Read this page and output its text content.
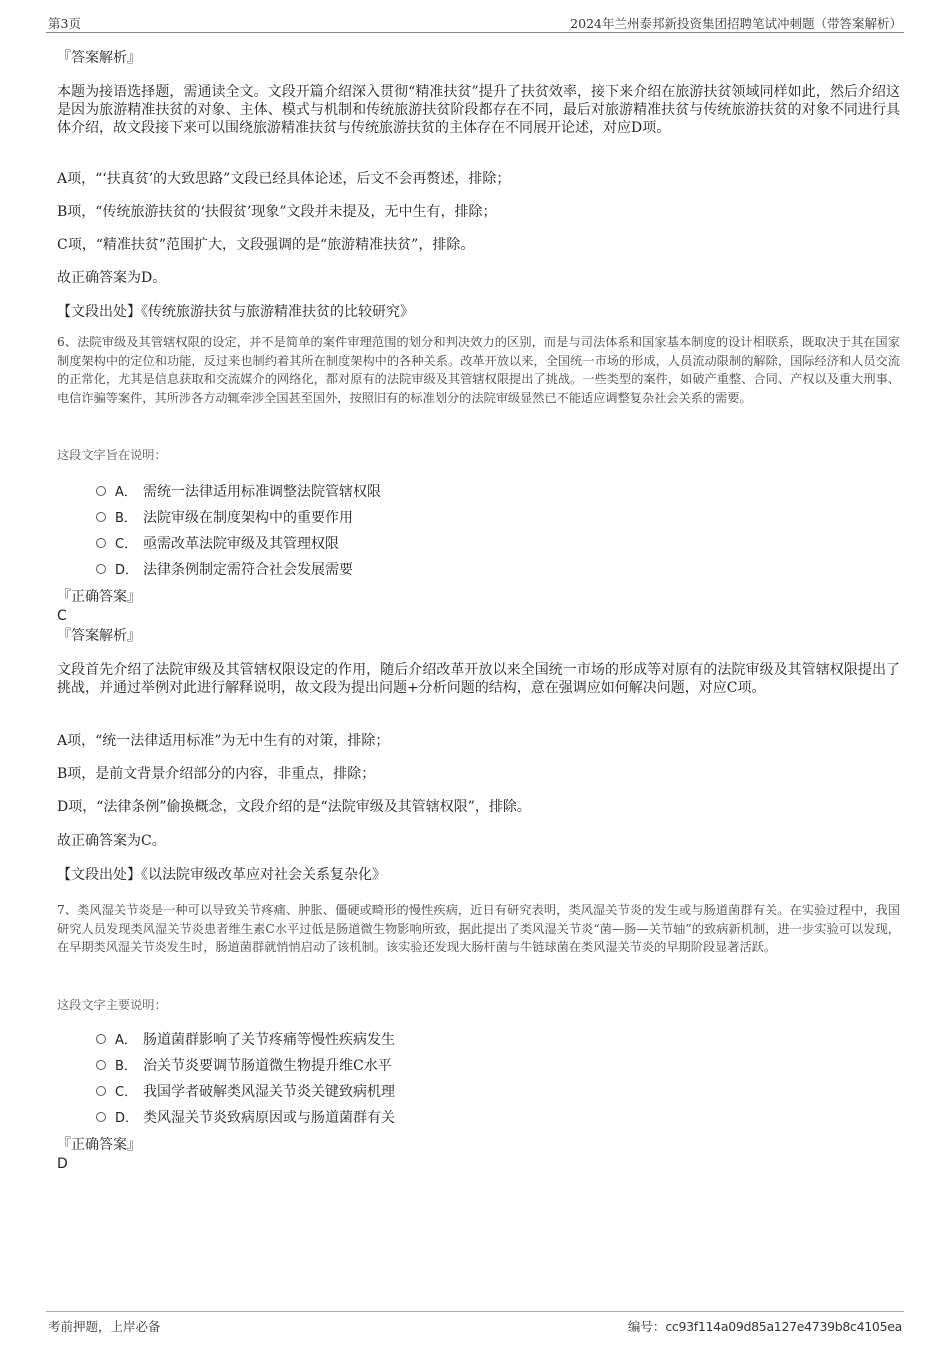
第3页	2024年兰州泰邦新投资集团招聘笔试冲刺题（带答案解析）
『答案解析』
本题为接语选择题，需通读全文。文段开篇介绍深入贯彻“精准扶贫”提升了扶贫效率，接下来介绍在旅游扶贫领域同样如此，然后介绍这是因为旅游精准扶贫的对象、主体、模式与机制和传统旅游扶贫阶段都存在不同，最后对旅游精准扶贫与传统旅游扶贫的对象不同进行具体介绍，故文段接下来可以围绕旅游精准扶贫与传统旅游扶贫的主体存在不同展开论述，对应D项。
A项，“‘扶真贫’的大致思路”文段已经具体论述，后文不会再赘述，排除；
B项，“传统旅游扶贫的‘扶假贫’现象”文段并未提及，无中生有，排除；
C项，“精准扶贫”范围扩大，文段强调的是“旅游精准扶贫”，排除。
故正确答案为D。
【文段出处】《传统旅游扶贫与旅游精准扶贫的比较研究》
6、法院审级及其管辖权限的设定，并不是简单的案件审理范围的划分和判决效力的区别，而是与司法体系和国家基本制度的设计相联系，既取决于其在国家制度架构中的定位和功能，反过来也制约着其所在制度架构中的各种关系。改革开放以来，全国统一市场的形成，人员流动限制的解除，国际经济和人员交流的正常化，尤其是信息获取和交流媒介的网络化，都对原有的法院审级及其管辖权限提出了挑战。一些类型的案件，如破产重整、合同、产权以及重大刑事、电信诈骗等案件，其所涉各方动辄牵涉全国甚至国外，按照旧有的标准划分的法院审级显然已不能适应调整复杂社会关系的需要。
这段文字旨在说明：
A． 需统一法律适用标准调整法院管辖权限
B． 法院审级在制度架构中的重要作用
C． 亟需改革法院审级及其管理权限
D． 法律条例制定需符合社会发展需要
『正确答案』
C
『答案解析』
文段首先介绍了法院审级及其管辖权限设定的作用，随后介绍改革开放以来全国统一市场的形成等对原有的法院审级及其管辖权限提出了挑战，并通过举例对此进行解释说明，故文段为提出问题+分析问题的结构，意在强调应如何解决问题，对应C项。
A项，“统一法律适用标准”为无中生有的对策，排除；
B项，是前文背景介绍部分的内容，非重点，排除；
D项，“法律条例”偷换概念，文段介绍的是“法院审级及其管辖权限”，排除。
故正确答案为C。
【文段出处】《以法院审级改革应对社会关系复杂化》
7、类风湿关节炎是一种可以导致关节疼痛、肿胀、僵硬或畸形的慢性疾病，近日有研究表明，类风湿关节炎的发生或与肠道菌群有关。在实验过程中，我国研究人员发现类风湿关节炎患者维生素C水平过低是肠道微生物影响所致，据此提出了类风湿关节炎“菌—肠—关节轴”的致病新机制，进一步实验可以发现，在早期类风湿关节炎发生时，肠道菌群就悄悄启动了该机制。该实验还发现大肠杆菌与牛链球菌在类风湿关节炎的早期阶段显著活跃。
这段文字主要说明：
A． 肠道菌群影响了关节疼痛等慢性疾病发生
B． 治关节炎要调节肠道微生物提升维C水平
C． 我国学者破解类风湿关节炎关键致病机理
D． 类风湿关节炎致病原因或与肠道菌群有关
『正确答案』
D
考前押题，上岸必备	编号：cc93f114a09d85a127e4739b8c4105ea
